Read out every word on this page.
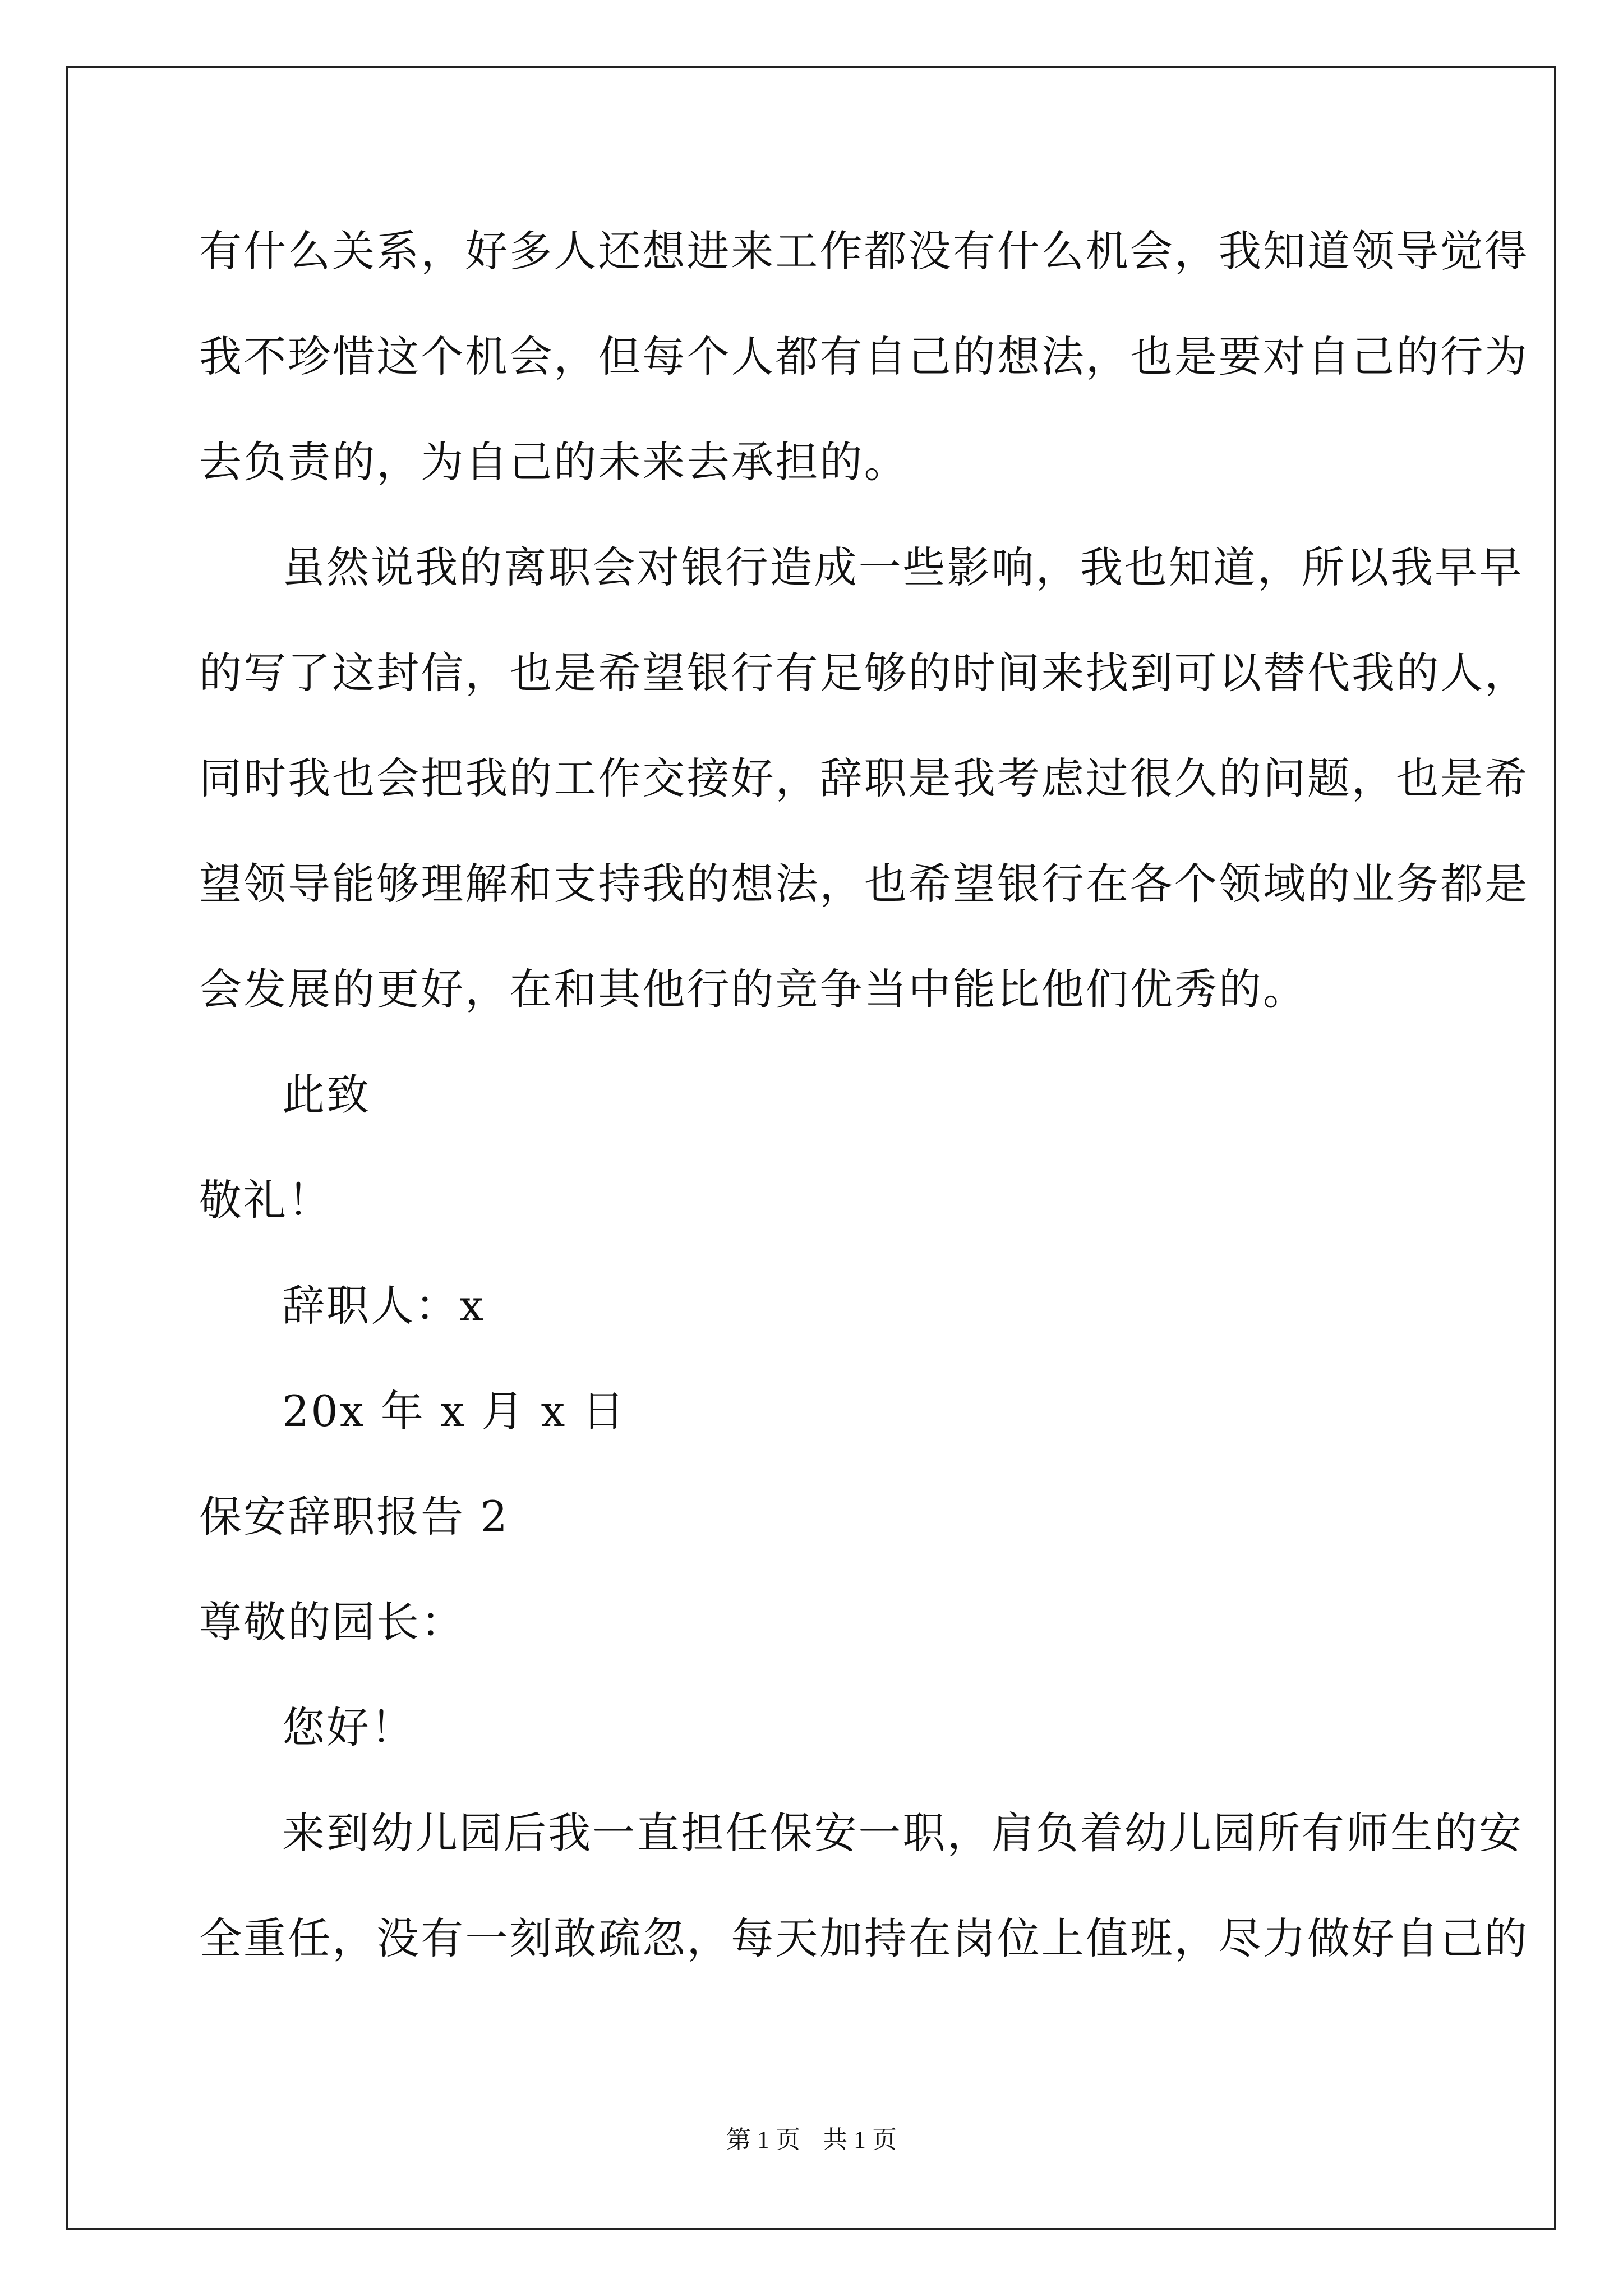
有什么关系，好多人还想进来工作都没有什么机会，我知道领导觉得
我不珍惜这个机会，但每个人都有自己的想法，也是要对自己的行为
去负责的，为自己的未来去承担的。
虽然说我的离职会对银行造成一些影响，我也知道，所以我早早
的写了这封信，也是希望银行有足够的时间来找到可以替代我的人，
同时我也会把我的工作交接好，辞职是我考虑过很久的问题，也是希
望领导能够理解和支持我的想法，也希望银行在各个领域的业务都是
会发展的更好，在和其他行的竞争当中能比他们优秀的。
此致
敬礼！
辞职人：x
20x 年 x 月 x 日
保安辞职报告 2
尊敬的园长：
您好！
来到幼儿园后我一直担任保安一职，肩负着幼儿园所有师生的安
全重任，没有一刻敢疏忽，每天加持在岗位上值班，尽力做好自己的
第 1 页 共 1 页
